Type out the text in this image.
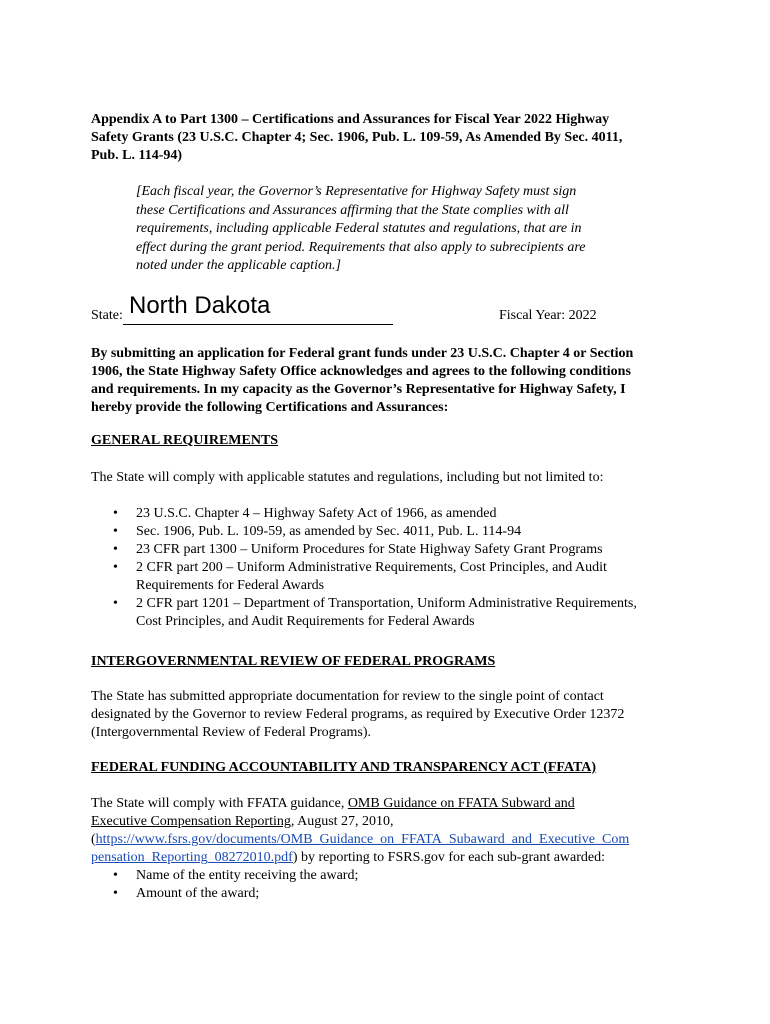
Appendix A to Part 1300 – Certifications and Assurances for Fiscal Year 2022 Highway
Safety Grants (23 U.S.C. Chapter 4; Sec. 1906, Pub. L. 109-59, As Amended By Sec. 4011,
Pub. L. 114-94)
[Each fiscal year, the Governor’s Representative for Highway Safety must sign
these Certifications and Assurances affirming that the State complies with all
requirements, including applicable Federal statutes and regulations, that are in
effect during the grant period. Requirements that also apply to subrecipients are
noted under the applicable caption.]
State: North Dakota	Fiscal Year: 2022
By submitting an application for Federal grant funds under 23 U.S.C. Chapter 4 or Section
1906, the State Highway Safety Office acknowledges and agrees to the following conditions
and requirements. In my capacity as the Governor’s Representative for Highway Safety, I
hereby provide the following Certifications and Assurances:
GENERAL REQUIREMENTS
The State will comply with applicable statutes and regulations, including but not limited to:
• 23 U.S.C. Chapter 4 – Highway Safety Act of 1966, as amended
• Sec. 1906, Pub. L. 109-59, as amended by Sec. 4011, Pub. L. 114-94
• 23 CFR part 1300 – Uniform Procedures for State Highway Safety Grant Programs
• 2 CFR part 200 – Uniform Administrative Requirements, Cost Principles, and Audit
Requirements for Federal Awards
• 2 CFR part 1201 – Department of Transportation, Uniform Administrative Requirements,
Cost Principles, and Audit Requirements for Federal Awards
INTERGOVERNMENTAL REVIEW OF FEDERAL PROGRAMS
The State has submitted appropriate documentation for review to the single point of contact
designated by the Governor to review Federal programs, as required by Executive Order 12372
(Intergovernmental Review of Federal Programs).
FEDERAL FUNDING ACCOUNTABILITY AND TRANSPARENCY ACT (FFATA)
The State will comply with FFATA guidance, OMB Guidance on FFATA Subward and
Executive Compensation Reporting, August 27, 2010,
(https://www.fsrs.gov/documents/OMB_Guidance_on_FFATA_Subaward_and_Executive_Com
pensation_Reporting_08272010.pdf) by reporting to FSRS.gov for each sub-grant awarded:
• Name of the entity receiving the award;
• Amount of the award;
